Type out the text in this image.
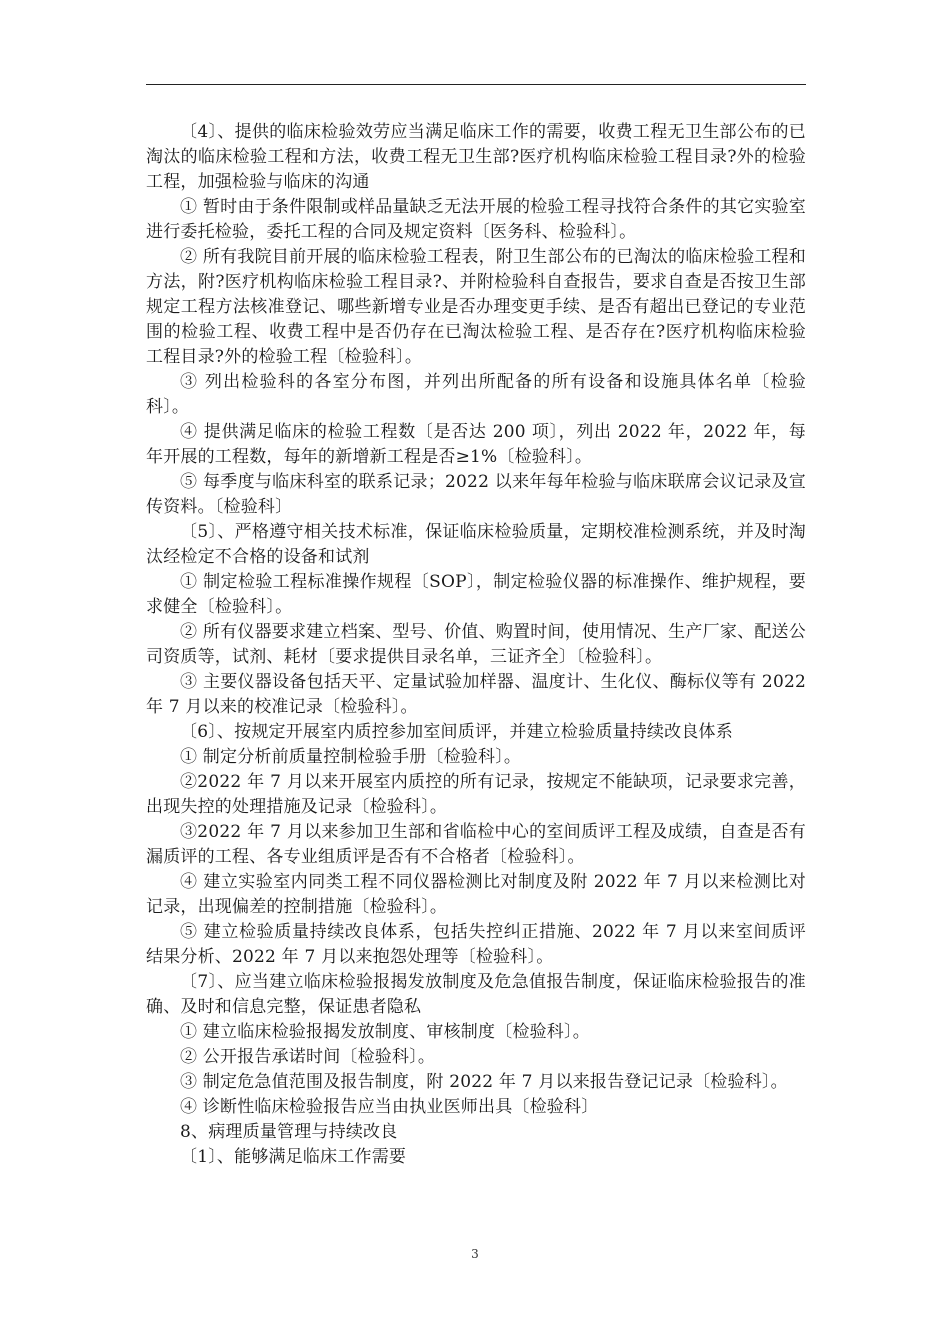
〔4〕、提供的临床检验效劳应当满足临床工作的需要，收费工程无卫生部公布的已淘汰的临床检验工程和方法，收费工程无卫生部?医疗机构临床检验工程目录?外的检验工程，加强检验与临床的沟通

① 暂时由于条件限制或样品量缺乏无法开展的检验工程寻找符合条件的其它实验室进行委托检验，委托工程的合同及规定资料〔医务科、检验科〕。

② 所有我院目前开展的临床检验工程表，附卫生部公布的已淘汰的临床检验工程和方法，附?医疗机构临床检验工程目录?、并附检验科自查报告，要求自查是否按卫生部规定工程方法核准登记、哪些新增专业是否办理变更手续、是否有超出已登记的专业范围的检验工程、收费工程中是否仍存在已淘汰检验工程、是否存在?医疗机构临床检验工程目录?外的检验工程〔检验科〕。

③ 列出检验科的各室分布图，并列出所配备的所有设备和设施具体名单〔检验科〕。

④ 提供满足临床的检验工程数〔是否达 200 项〕，列出 2022 年，2022 年，每年开展的工程数，每年的新增新工程是否≥1%〔检验科〕。

⑤ 每季度与临床科室的联系记录；2022 以来年每年检验与临床联席会议记录及宣传资料。〔检验科〕

〔5〕、严格遵守相关技术标准，保证临床检验质量，定期校准检测系统，并及时淘汰经检定不合格的设备和试剂

① 制定检验工程标准操作规程〔SOP〕，制定检验仪器的标准操作、维护规程，要求健全〔检验科〕。

② 所有仪器要求建立档案、型号、价值、购置时间，使用情况、生产厂家、配送公司资质等，试剂、耗材〔要求提供目录名单，三证齐全〕〔检验科〕。

③ 主要仪器设备包括天平、定量试验加样器、温度计、生化仪、酶标仪等有 2022 年 7 月以来的校准记录〔检验科〕。

〔6〕、按规定开展室内质控参加室间质评，并建立检验质量持续改良体系

① 制定分析前质量控制检验手册〔检验科〕。

②2022 年 7 月以来开展室内质控的所有记录，按规定不能缺项，记录要求完善，出现失控的处理措施及记录〔检验科〕。

③2022 年 7 月以来参加卫生部和省临检中心的室间质评工程及成绩，自查是否有漏质评的工程、各专业组质评是否有不合格者〔检验科〕。

④ 建立实验室内同类工程不同仪器检测比对制度及附 2022 年 7 月以来检测比对记录，出现偏差的控制措施〔检验科〕。

⑤ 建立检验质量持续改良体系，包括失控纠正措施、2022 年 7 月以来室间质评结果分析、2022 年 7 月以来抱怨处理等〔检验科〕。

〔7〕、应当建立临床检验报揭发放制度及危急值报告制度，保证临床检验报告的准确、及时和信息完整，保证患者隐私

① 建立临床检验报揭发放制度、审核制度〔检验科〕。

② 公开报告承诺时间〔检验科〕。

③ 制定危急值范围及报告制度，附 2022 年 7 月以来报告登记记录〔检验科〕。

④ 诊断性临床检验报告应当由执业医师出具〔检验科〕

8、病理质量管理与持续改良

〔1〕、能够满足临床工作需要

3
